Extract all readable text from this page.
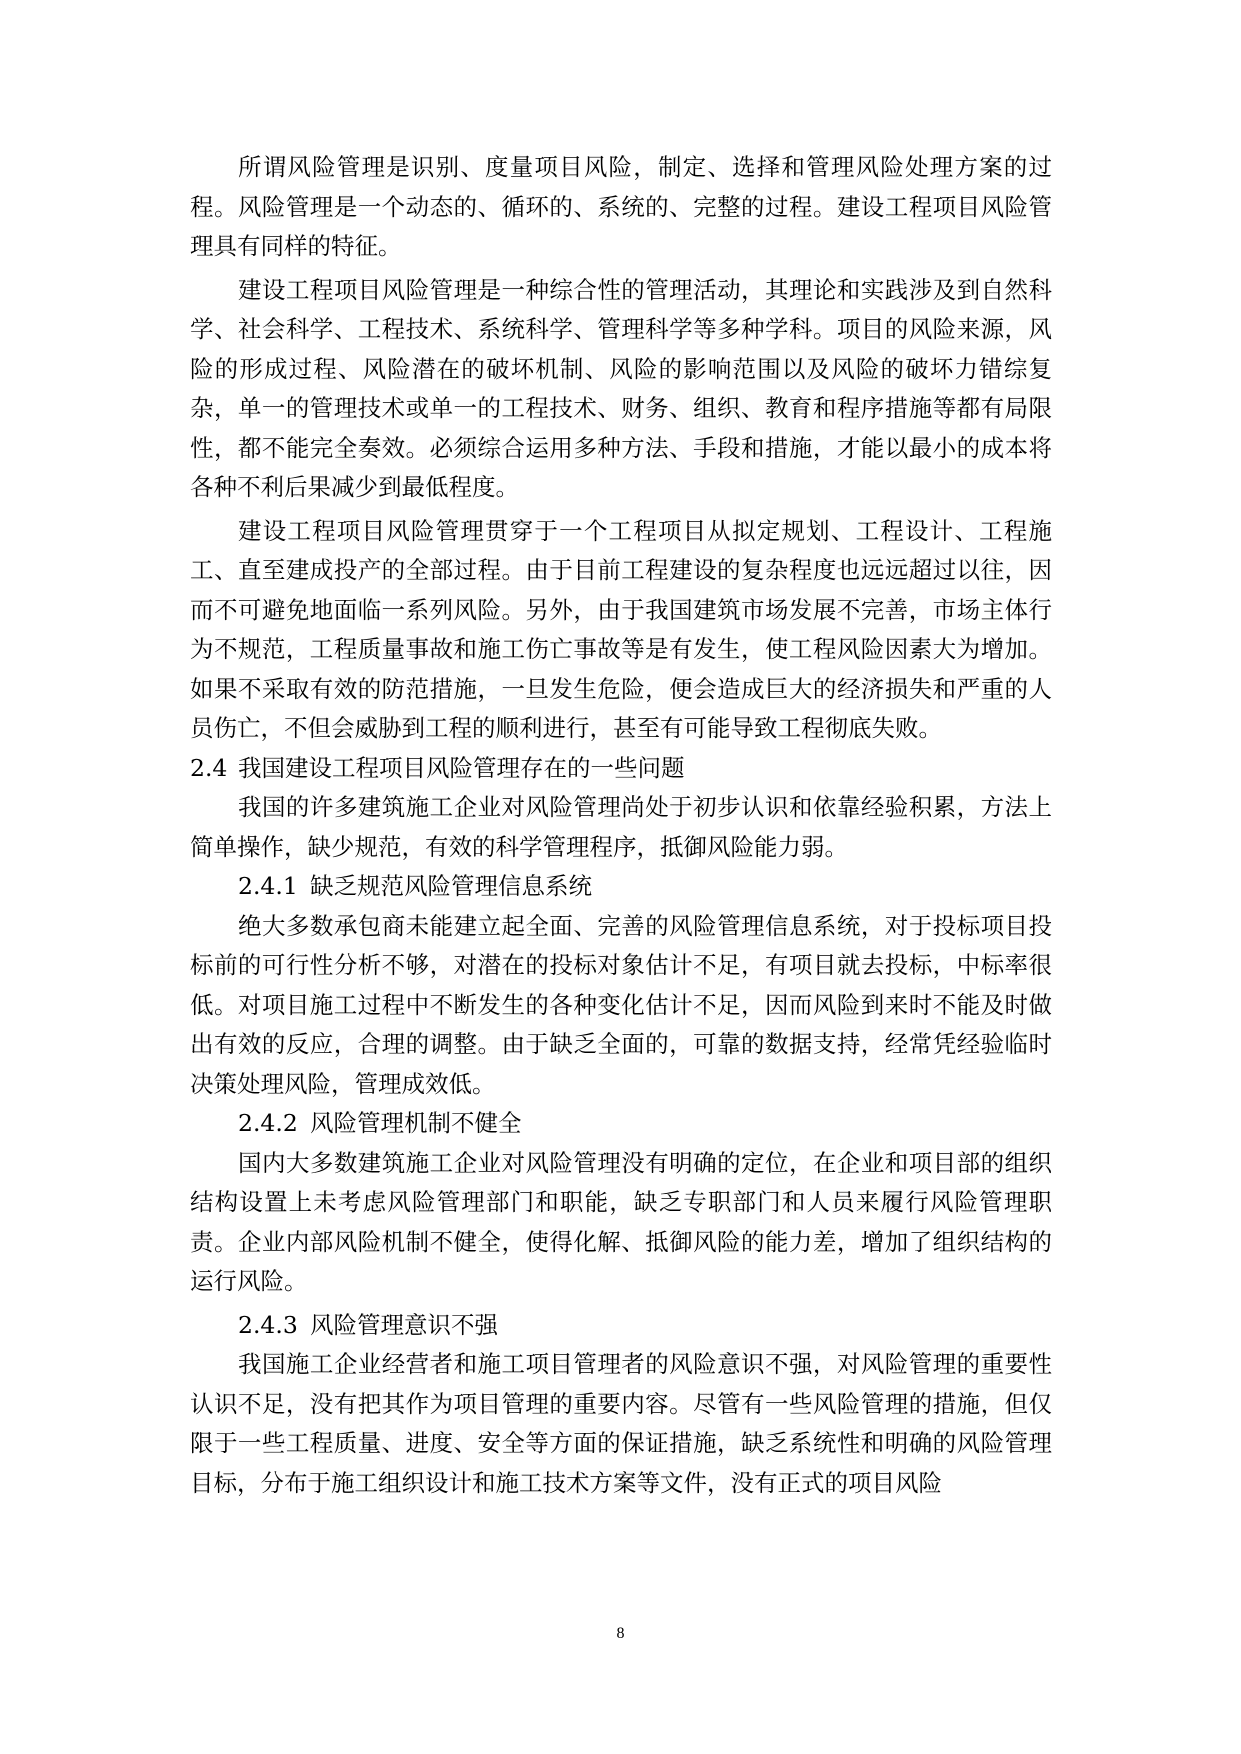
所谓风险管理是识别、度量项目风险，制定、选择和管理风险处理方案的过程。风险管理是一个动态的、循环的、系统的、完整的过程。建设工程项目风险管理具有同样的特征。

建设工程项目风险管理是一种综合性的管理活动，其理论和实践涉及到自然科学、社会科学、工程技术、系统科学、管理科学等多种学科。项目的风险来源，风险的形成过程、风险潜在的破坏机制、风险的影响范围以及风险的破坏力错综复杂，单一的管理技术或单一的工程技术、财务、组织、教育和程序措施等都有局限性，都不能完全奏效。必须综合运用多种方法、手段和措施，才能以最小的成本将各种不利后果减少到最低程度。

建设工程项目风险管理贯穿于一个工程项目从拟定规划、工程设计、工程施工、直至建成投产的全部过程。由于目前工程建设的复杂程度也远远超过以往，因而不可避免地面临一系列风险。另外，由于我国建筑市场发展不完善，市场主体行为不规范，工程质量事故和施工伤亡事故等是有发生，使工程风险因素大为增加。如果不采取有效的防范措施，一旦发生危险，便会造成巨大的经济损失和严重的人员伤亡，不但会威胁到工程的顺利进行，甚至有可能导致工程彻底失败。

2.4 我国建设工程项目风险管理存在的一些问题

我国的许多建筑施工企业对风险管理尚处于初步认识和依靠经验积累，方法上简单操作，缺少规范，有效的科学管理程序，抵御风险能力弱。

2.4.1 缺乏规范风险管理信息系统

绝大多数承包商未能建立起全面、完善的风险管理信息系统，对于投标项目投标前的可行性分析不够，对潜在的投标对象估计不足，有项目就去投标，中标率很低。对项目施工过程中不断发生的各种变化估计不足，因而风险到来时不能及时做出有效的反应，合理的调整。由于缺乏全面的，可靠的数据支持，经常凭经验临时决策处理风险，管理成效低。

2.4.2 风险管理机制不健全

国内大多数建筑施工企业对风险管理没有明确的定位，在企业和项目部的组织结构设置上未考虑风险管理部门和职能，缺乏专职部门和人员来履行风险管理职责。企业内部风险机制不健全，使得化解、抵御风险的能力差，增加了组织结构的运行风险。

2.4.3 风险管理意识不强

我国施工企业经营者和施工项目管理者的风险意识不强，对风险管理的重要性认识不足，没有把其作为项目管理的重要内容。尽管有一些风险管理的措施，但仅限于一些工程质量、进度、安全等方面的保证措施，缺乏系统性和明确的风险管理目标，分布于施工组织设计和施工技术方案等文件，没有正式的项目风险

8
